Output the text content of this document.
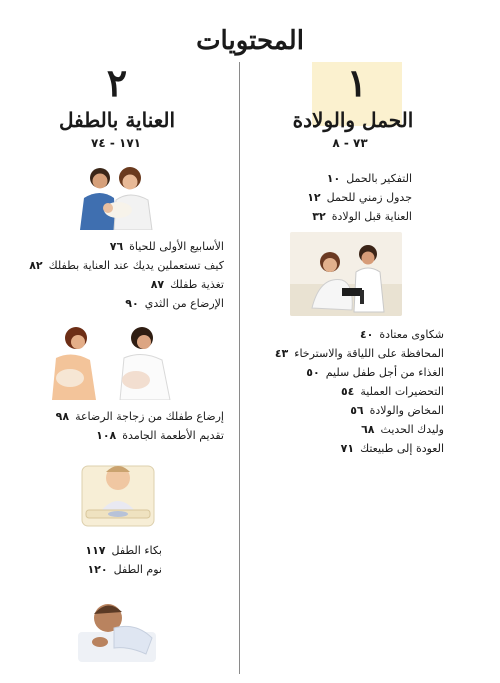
المحتويات
١
الحمل والولادة
٧٣ - ٨
التفكير بالحمل١٠
جدول زمني للحمل١٢
العناية قبل الولادة٣٢
شكاوى معتادة٤٠
المحافظة على اللياقة والاسترخاء٤٣
الغذاء من أجل طفل سليم٥٠
التحضيرات العملية٥٤
المخاض والولادة٥٦
وليدك الحديث٦٨
العودة إلى طبيعتك٧١
٢
العناية بالطفل
١٧١ - ٧٤
الأسابيع الأولى للحياة٧٦
كيف تستعملين يديك عند العناية بطفلك٨٢
تغذية طفلك٨٧
الإرضاع من الثدي٩٠
إرضاع طفلك من زجاجة الرضاعة٩٨
تقديم الأطعمة الجامدة١٠٨
بكاء الطفل١١٧
نوم الطفل١٢٠
